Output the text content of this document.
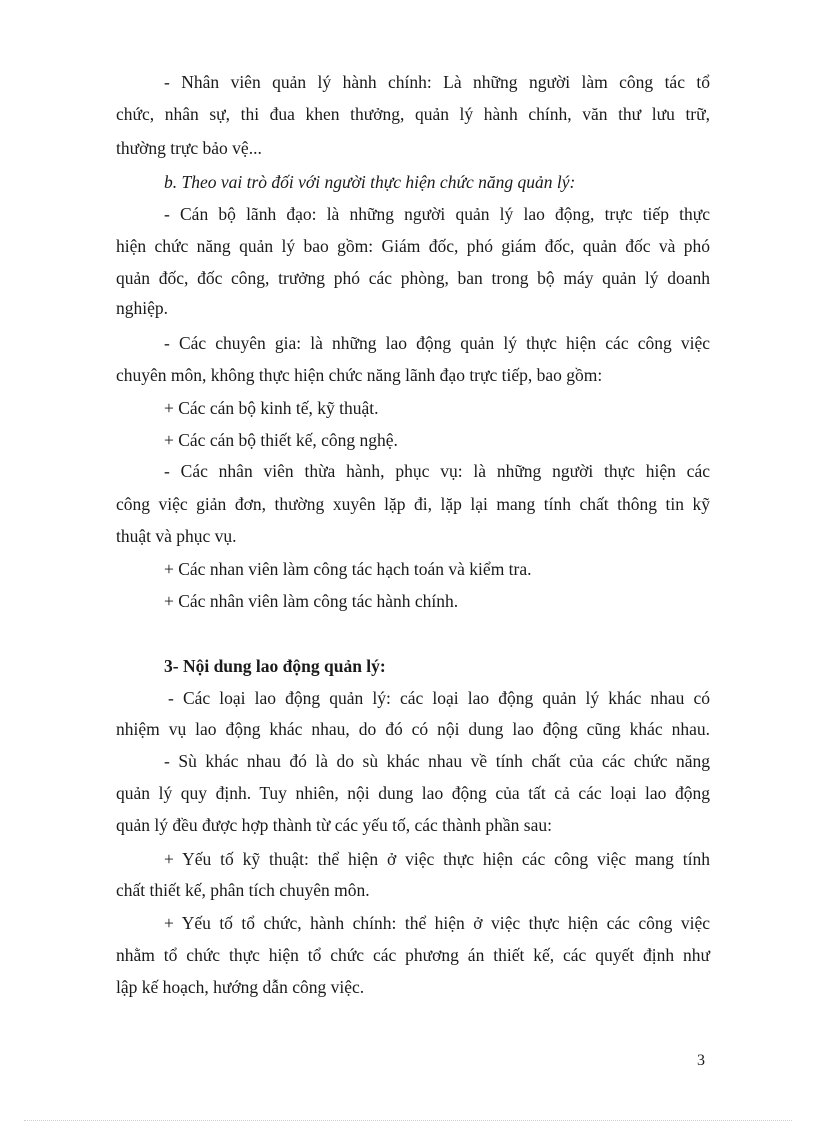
- Nhân viên quản lý hành chính: Là những người làm công tác tổ
chức, nhân sự, thi đua khen thưởng, quản lý hành chính, văn thư lưu trữ,
thường trực bảo vệ...
b. Theo vai trò đối với người thực hiện chức năng quản lý:
- Cán bộ lãnh đạo: là những người quản lý lao động, trực tiếp thực
hiện chức năng quản lý bao gồm: Giám đốc, phó giám đốc, quản đốc và phó
quản đốc, đốc công, trưởng phó các phòng, ban trong bộ máy quản lý doanh
nghiệp.
- Các chuyên gia: là những lao động quản lý thực hiện các công việc
chuyên môn, không thực hiện chức năng lãnh đạo trực tiếp, bao gồm:
+ Các cán bộ kinh tế, kỹ thuật.
+ Các cán bộ thiết kế, công nghệ.
- Các nhân viên thừa hành, phục vụ: là những người thực hiện các
công việc giản đơn, thường xuyên lặp đi, lặp lại mang tính chất thông tin kỹ
thuật và phục vụ.
+ Các nhan viên làm công tác hạch toán và kiểm tra.
+ Các nhân viên làm công tác hành chính.
3- Nội dung lao động quản lý:
- Các loại lao động quản lý: các loại lao động quản lý khác nhau có
nhiệm vụ lao động khác nhau, do đó có nội dung lao động cũng khác nhau.
- Sù khác nhau đó là do sù khác nhau về tính chất của các chức năng
quản lý quy định. Tuy nhiên, nội dung lao động của tất cả các loại lao động
quản lý đều được hợp thành từ các yếu tố, các thành phần sau:
+ Yếu tố kỹ thuật: thể hiện ở việc thực hiện các công việc mang tính
chất thiết kế, phân tích chuyên môn.
+ Yếu tố tổ chức, hành chính: thể hiện ở việc thực hiện các công việc
nhằm tổ chức thực hiện tổ chức các phương án thiết kế, các quyết định như
lập kế hoạch, hướng dẫn công việc.
3
